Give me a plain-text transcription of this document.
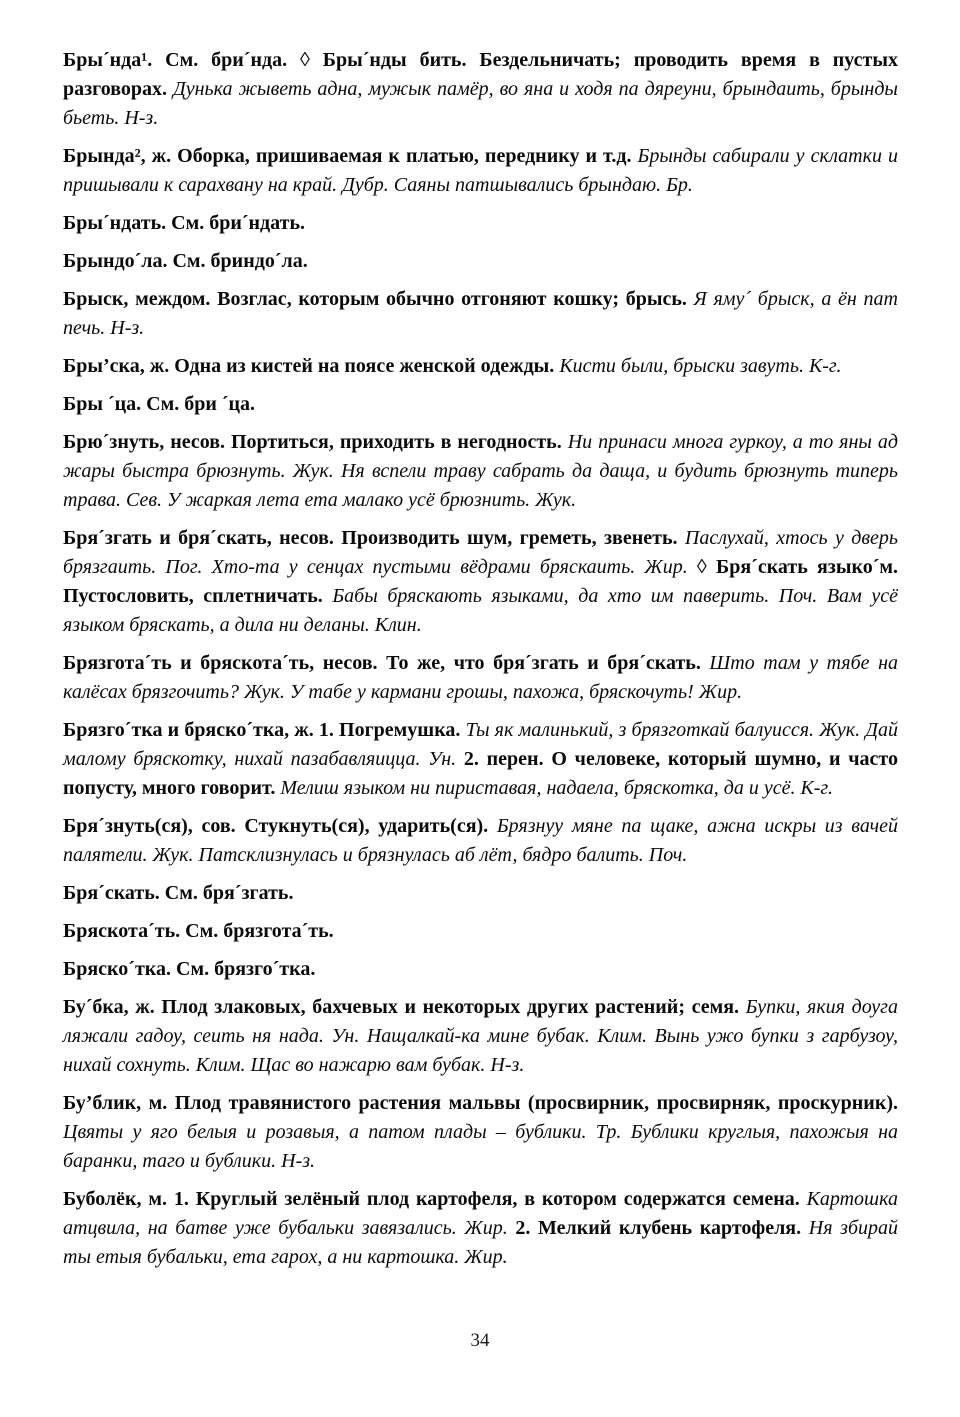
Бры´нда¹. См. бри´нда. ◊ Бры´нды бить. Бездельничать; проводить время в пустых разговорах. Дунька жыветь адна, мужык памёр, во яна и ходя па дяреуни, брындаить, брынды бьеть. Н-з.

Брында², ж. Оборка, пришиваемая к платью, переднику и т.д. Брынды сабирали у склатки и пришывали к сарахвану на край. Дубр. Саяны патшывались брындаю. Бр.

Бры´ндать. См. бри´ндать.

Брындо´ла. См. бриндо´ла.

Брыск, междом. Возглас, которым обычно отгоняют кошку; брысь. Я яму´ брыск, а ён пат печь. Н-з.

Бры’ска, ж. Одна из кистей на поясе женской одежды. Кисти были, брыски завуть. К-г.

Бры ´ца. См. бри ´ца.

Брю´знуть, несов. Портиться, приходить в негодность. Ни принаси многа гуркоу, а то яны ад жары быстра брюзнуть. Жук. Ня вспели траву сабрать да даща, и будить брюзнуть типерь трава. Сев. У жаркая лета ета малако усё брюзнить. Жук.

Бря´згать и бря´скать, несов. Производить шум, греметь, звенеть. Паслухай, хтось у дверь брязгаить. Пог. Хто-та у сенцах пустыми вёдрами бряскаить. Жир. ◊ Бря´скать языко´м. Пустословить, сплетничать. Бабы бряскають языками, да хто им паверить. Поч. Вам усё языком бряскать, а дила ни деланы. Клин.

Брязгота´ть и бряскота´ть, несов. То же, что бря´згать и бря´скать. Што там у тябе на калёсах брязгочить? Жук. У табе у кармани грошы, пахожа, бряскочуть! Жир.

Брязго´тка и бряско´тка, ж. 1. Погремушка. Ты як малинький, з брязготкай балуисся. Жук. Дай малому бряскотку, нихай пазабавляицца. Ун. 2. перен. О человеке, который шумно, и часто попусту, много говорит. Мелиш языком ни пириставая, надаела, бряскотка, да и усё. К-г.

Бря´знуть(ся), сов. Стукнуть(ся), ударить(ся). Брязнуу мяне па щаке, ажна искры из вачей палятели. Жук. Патсклизнулась и брязнулась аб лёт, бядро балить. Поч.

Бря´скать. См. бря´згать.

Бряскота´ть. См. брязгота´ть.

Бряско´тка. См. брязго´тка.

Бу´бка, ж. Плод злаковых, бахчевых и некоторых других растений; семя. Бупки, якия доуга ляжали гадоу, сеить ня нада. Ун. Нащалкай-ка мине бубак. Клим. Вынь ужо бупки з гарбузоу, нихай сохнуть. Клим. Щас во нажарю вам бубак. Н-з.

Бу’блик, м. Плод травянистого растения мальвы (просвирник, просвирняк, проскурник). Цвяты у яго белыя и розавыя, а патом плады – бублики. Тр. Бублики круглыя, пахожыя на баранки, таго и бублики. Н-з.

Буболёк, м. 1. Круглый зелёный плод картофеля, в котором содержатся семена. Картошка атцвила, на батве уже бубальки завязались. Жир. 2. Мелкий клубень картофеля. Ня збирай ты етыя бубальки, ета гарох, а ни картошка. Жир.

34
